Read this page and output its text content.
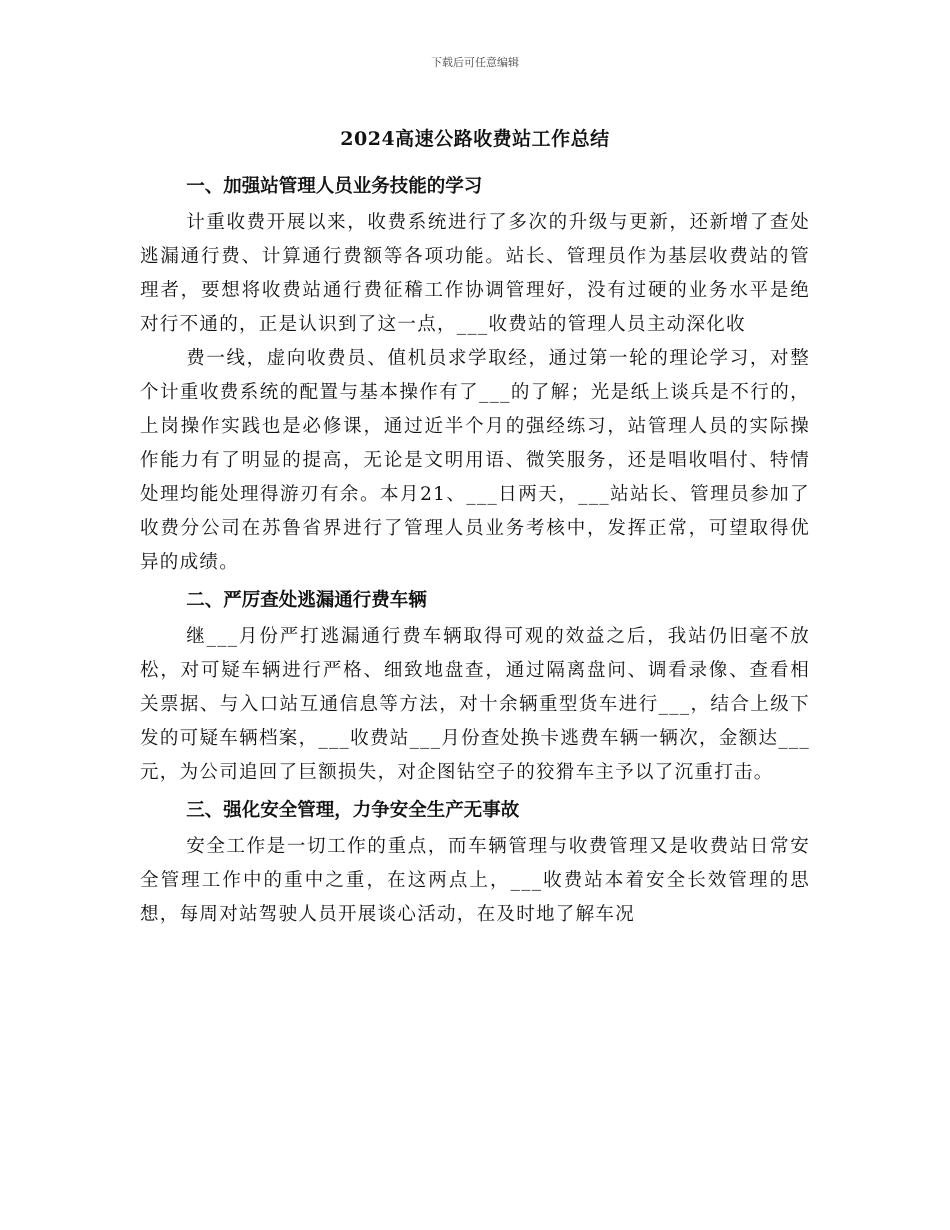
下载后可任意编辑
2024高速公路收费站工作总结
一、加强站管理人员业务技能的学习

计重收费开展以来，收费系统进行了多次的升级与更新，还新增了查处逃漏通行费、计算通行费额等各项功能。站长、管理员作为基层收费站的管理者，要想将收费站通行费征稽工作协调管理好，没有过硬的业务水平是绝对行不通的，正是认识到了这一点，___收费站的管理人员主动深化收

费一线，虚向收费员、值机员求学取经，通过第一轮的理论学习，对整个计重收费系统的配置与基本操作有了___的了解；光是纸上谈兵是不行的，上岗操作实践也是必修课，通过近半个月的强经练习，站管理人员的实际操作能力有了明显的提高，无论是文明用语、微笑服务，还是唱收唱付、特情处理均能处理得游刃有余。本月21、___日两天，___站站长、管理员参加了收费分公司在苏鲁省界进行了管理人员业务考核中，发挥正常，可望取得优异的成绩。

二、严厉查处逃漏通行费车辆

继___月份严打逃漏通行费车辆取得可观的效益之后，我站仍旧毫不放松，对可疑车辆进行严格、细致地盘查，通过隔离盘问、调看录像、查看相关票据、与入口站互通信息等方法，对十余辆重型货车进行___，结合上级下发的可疑车辆档案，___收费站___月份查处换卡逃费车辆一辆次，金额达___元，为公司追回了巨额损失，对企图钻空子的狡猾车主予以了沉重打击。

三、强化安全管理，力争安全生产无事故

安全工作是一切工作的重点，而车辆管理与收费管理又是收费站日常安全管理工作中的重中之重，在这两点上，___收费站本着安全长效管理的思想，每周对站驾驶人员开展谈心活动，在及时地了解车况
